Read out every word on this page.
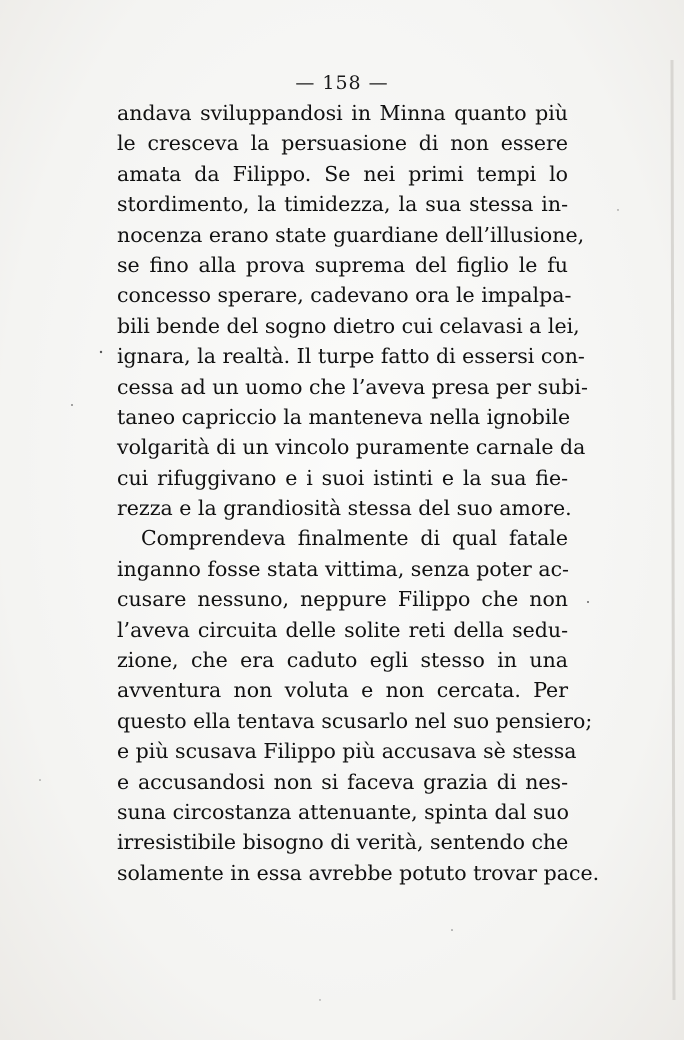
— 158 —
andava sviluppandosi in Minna quanto più
le cresceva la persuasione di non essere
amata da Filippo. Se nei primi tempi lo
stordimento, la timidezza, la sua stessa in-
nocenza erano state guardiane dell’illusione,
se fino alla prova suprema del figlio le fu
concesso sperare, cadevano ora le impalpa-
bili bende del sogno dietro cui celavasi a lei,
ignara, la realtà. Il turpe fatto di essersi con-
cessa ad un uomo che l’aveva presa per subi-
taneo capriccio la manteneva nella ignobile
volgarità di un vincolo puramente carnale da
cui rifuggivano e i suoi istinti e la sua fie-
rezza e la grandiosità stessa del suo amore.
Comprendeva finalmente di qual fatale
inganno fosse stata vittima, senza poter ac-
cusare nessuno, neppure Filippo che non
l’aveva circuita delle solite reti della sedu-
zione, che era caduto egli stesso in una
avventura non voluta e non cercata. Per
questo ella tentava scusarlo nel suo pensiero;
e più scusava Filippo più accusava sè stessa
e accusandosi non si faceva grazia di nes-
suna circostanza attenuante, spinta dal suo
irresistibile bisogno di verità, sentendo che
solamente in essa avrebbe potuto trovar pace.
